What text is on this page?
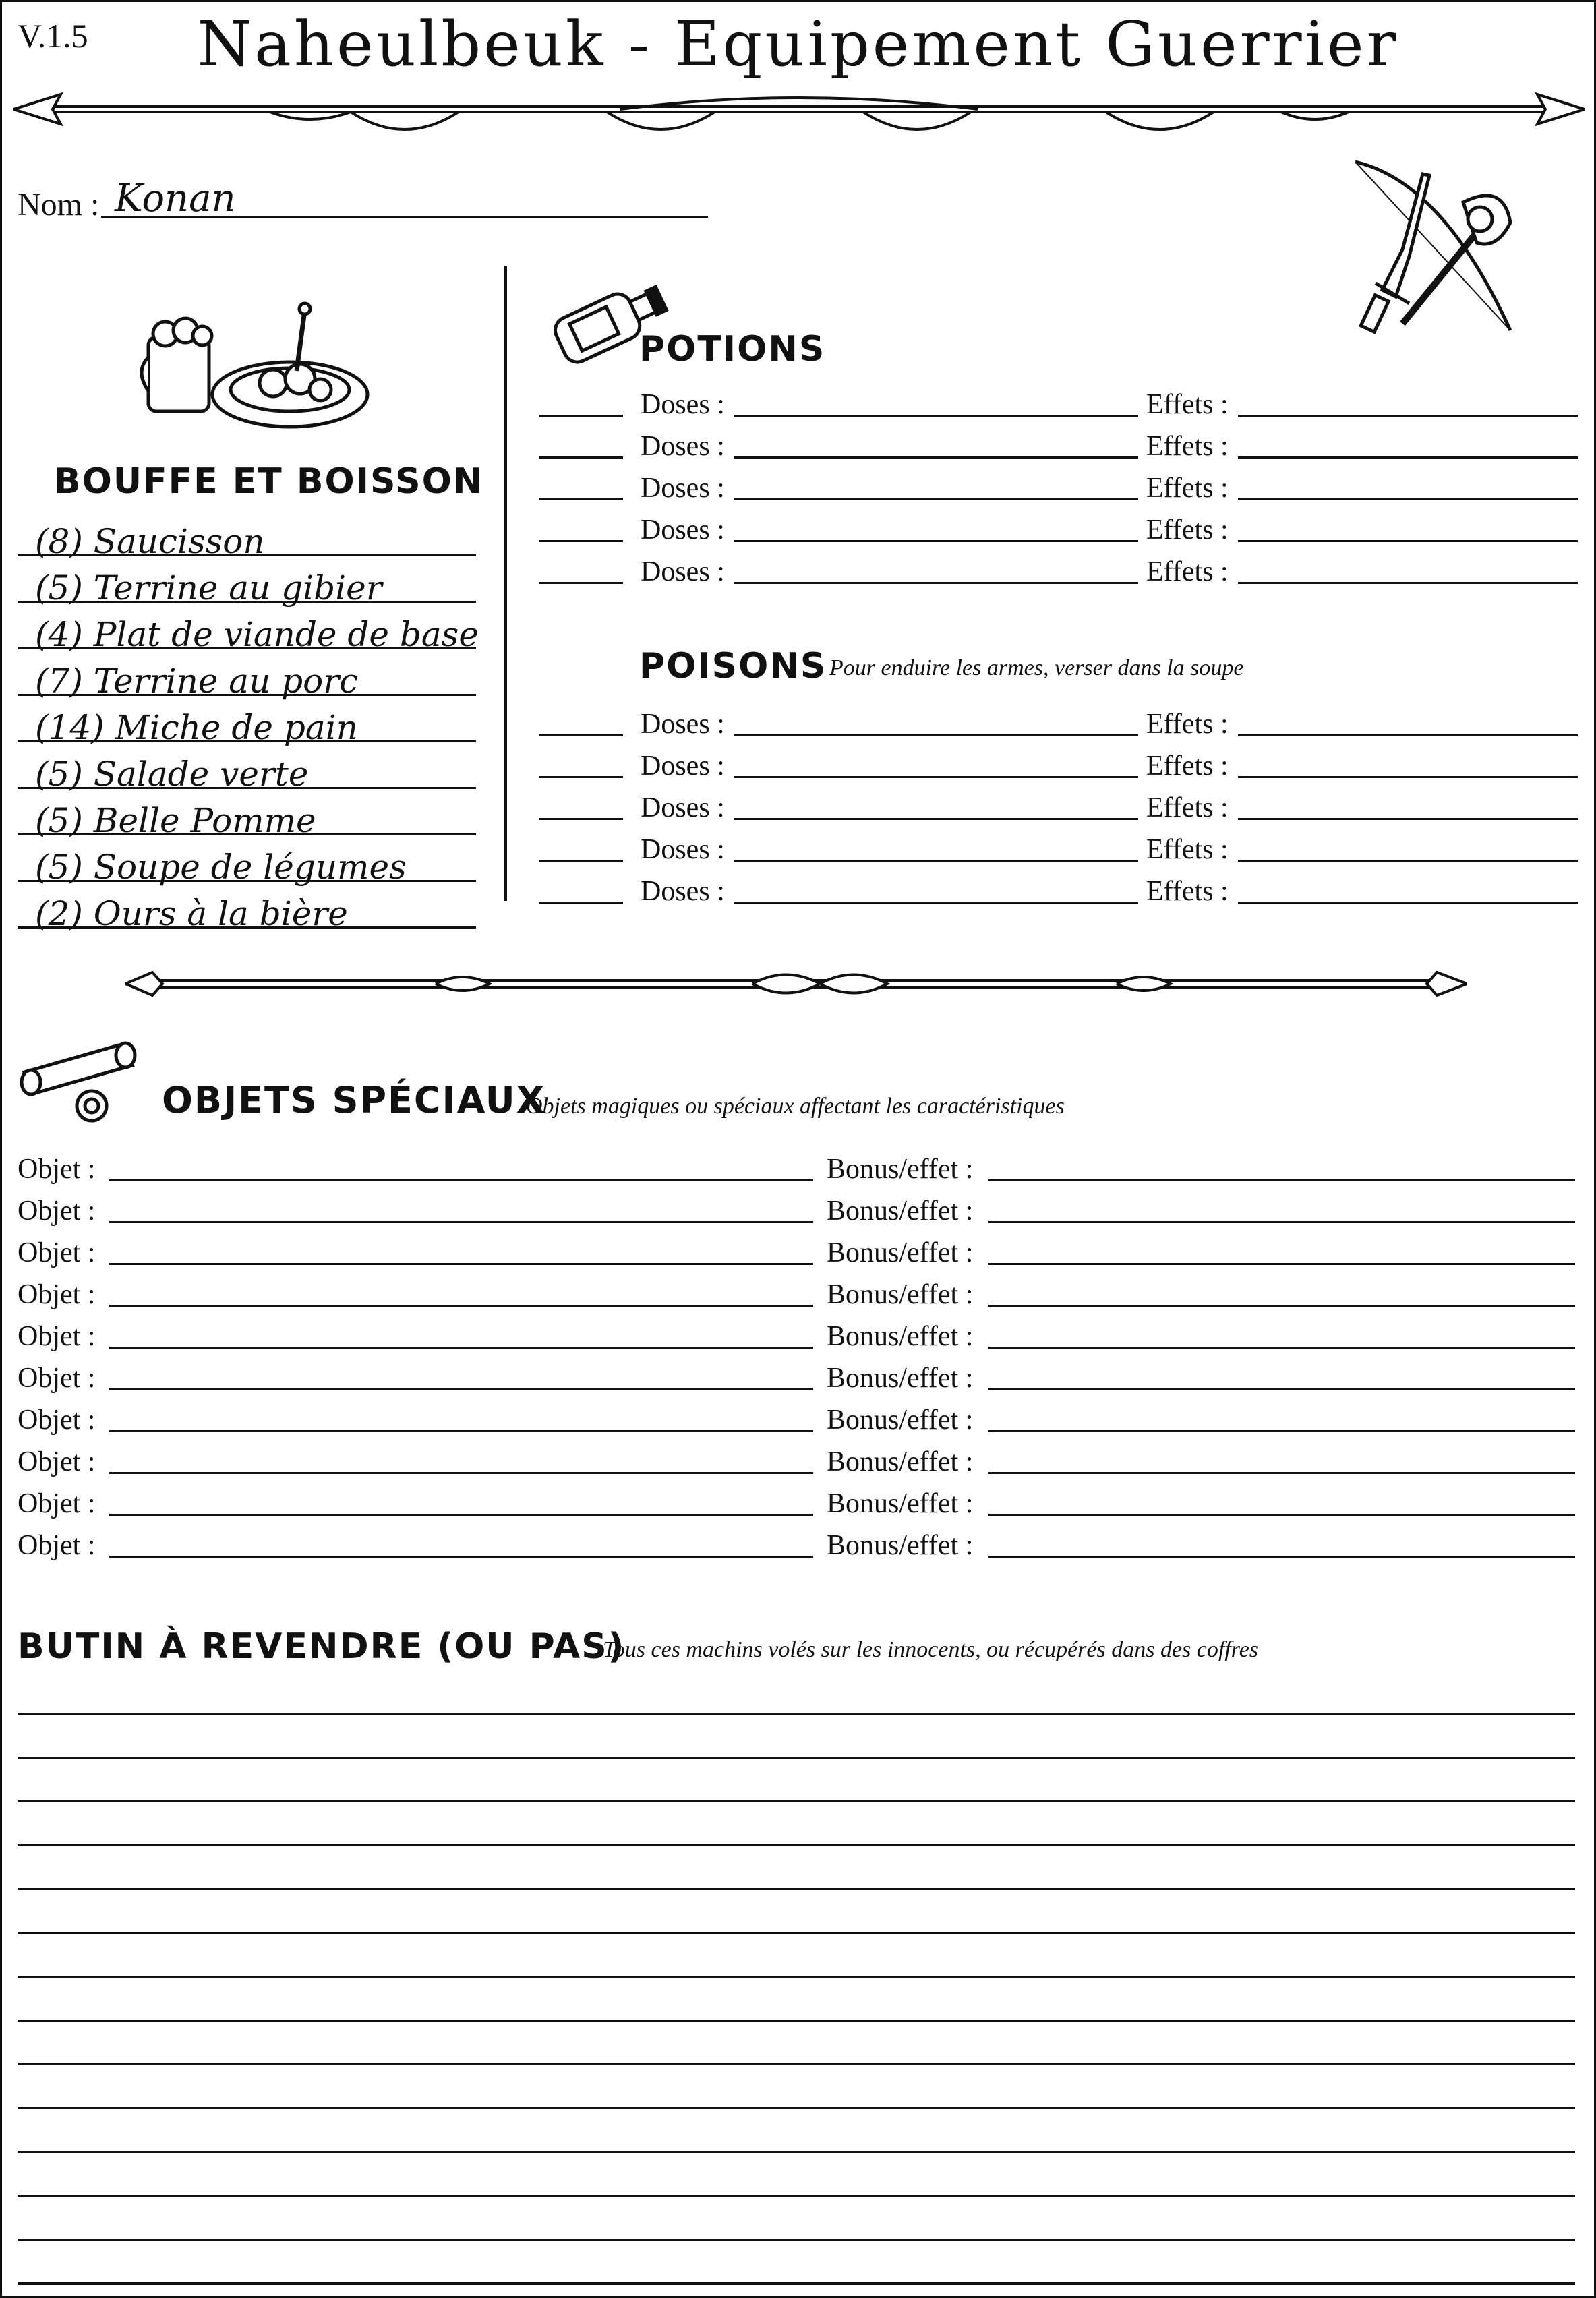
V.1.5	Naheulbeuk - Equipement Guerrier
Nom : Konan
BOUFFE ET BOISSON
(8) Saucisson
(5) Terrine au gibier
(4) Plat de viande de base
(7) Terrine au porc
(14) Miche de pain
(5) Salade verte
(5) Belle Pomme
(5) Soupe de légumes
(2) Ours à la bière
POTIONS
Doses :	Effets :
Doses :	Effets :
Doses :	Effets :
Doses :	Effets :
Doses :	Effets :
POISONS Pour enduire les armes, verser dans la soupe
Doses :	Effets :
Doses :	Effets :
Doses :	Effets :
Doses :	Effets :
Doses :	Effets :
OBJETS SPÉCIAUX
Objets magiques ou spéciaux affectant les caractéristiques
Objet :	Bonus/effet :
Objet :	Bonus/effet :
Objet :	Bonus/effet :
Objet :	Bonus/effet :
Objet :	Bonus/effet :
Objet :	Bonus/effet :
Objet :	Bonus/effet :
Objet :	Bonus/effet :
Objet :	Bonus/effet :
Objet :	Bonus/effet :
BUTIN À REVENDRE (OU PAS)
Tous ces machins volés sur les innocents, ou récupérés dans des coffres
